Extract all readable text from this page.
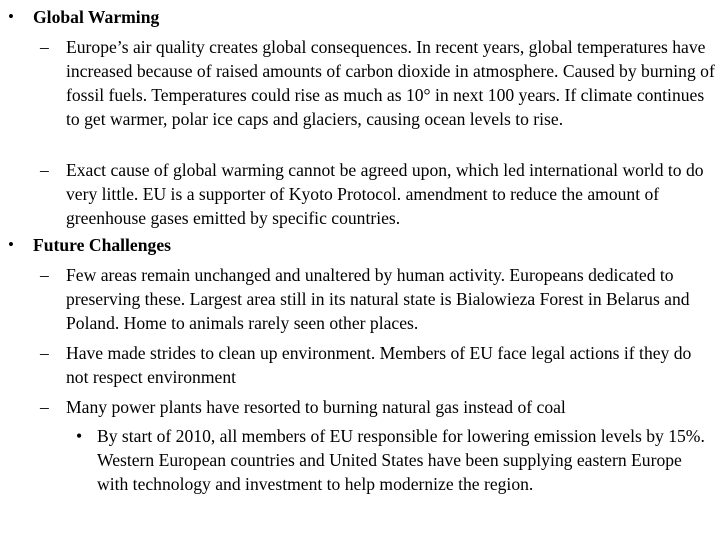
• Global Warming
– Europe’s air quality creates global consequences. In recent years, global temperatures have increased because of raised amounts of carbon dioxide in atmosphere. Caused by burning of fossil fuels. Temperatures could rise as much as 10° in next 100 years. If climate continues to get warmer, polar ice caps and glaciers, causing ocean levels to rise.
– Exact cause of global warming cannot be agreed upon, which led international world to do very little. EU is a supporter of Kyoto Protocol. amendment to reduce the amount of greenhouse gases emitted by specific countries.
• Future Challenges
– Few areas remain unchanged and unaltered by human activity. Europeans dedicated to preserving these. Largest area still in its natural state is Bialowieza Forest in Belarus and Poland. Home to animals rarely seen other places.
– Have made strides to clean up environment. Members of EU face legal actions if they do not respect environment
– Many power plants have resorted to burning natural gas instead of coal
• By start of 2010, all members of EU responsible for lowering emission levels by 15%. Western European countries and United States have been supplying eastern Europe with technology and investment to help modernize the region.
